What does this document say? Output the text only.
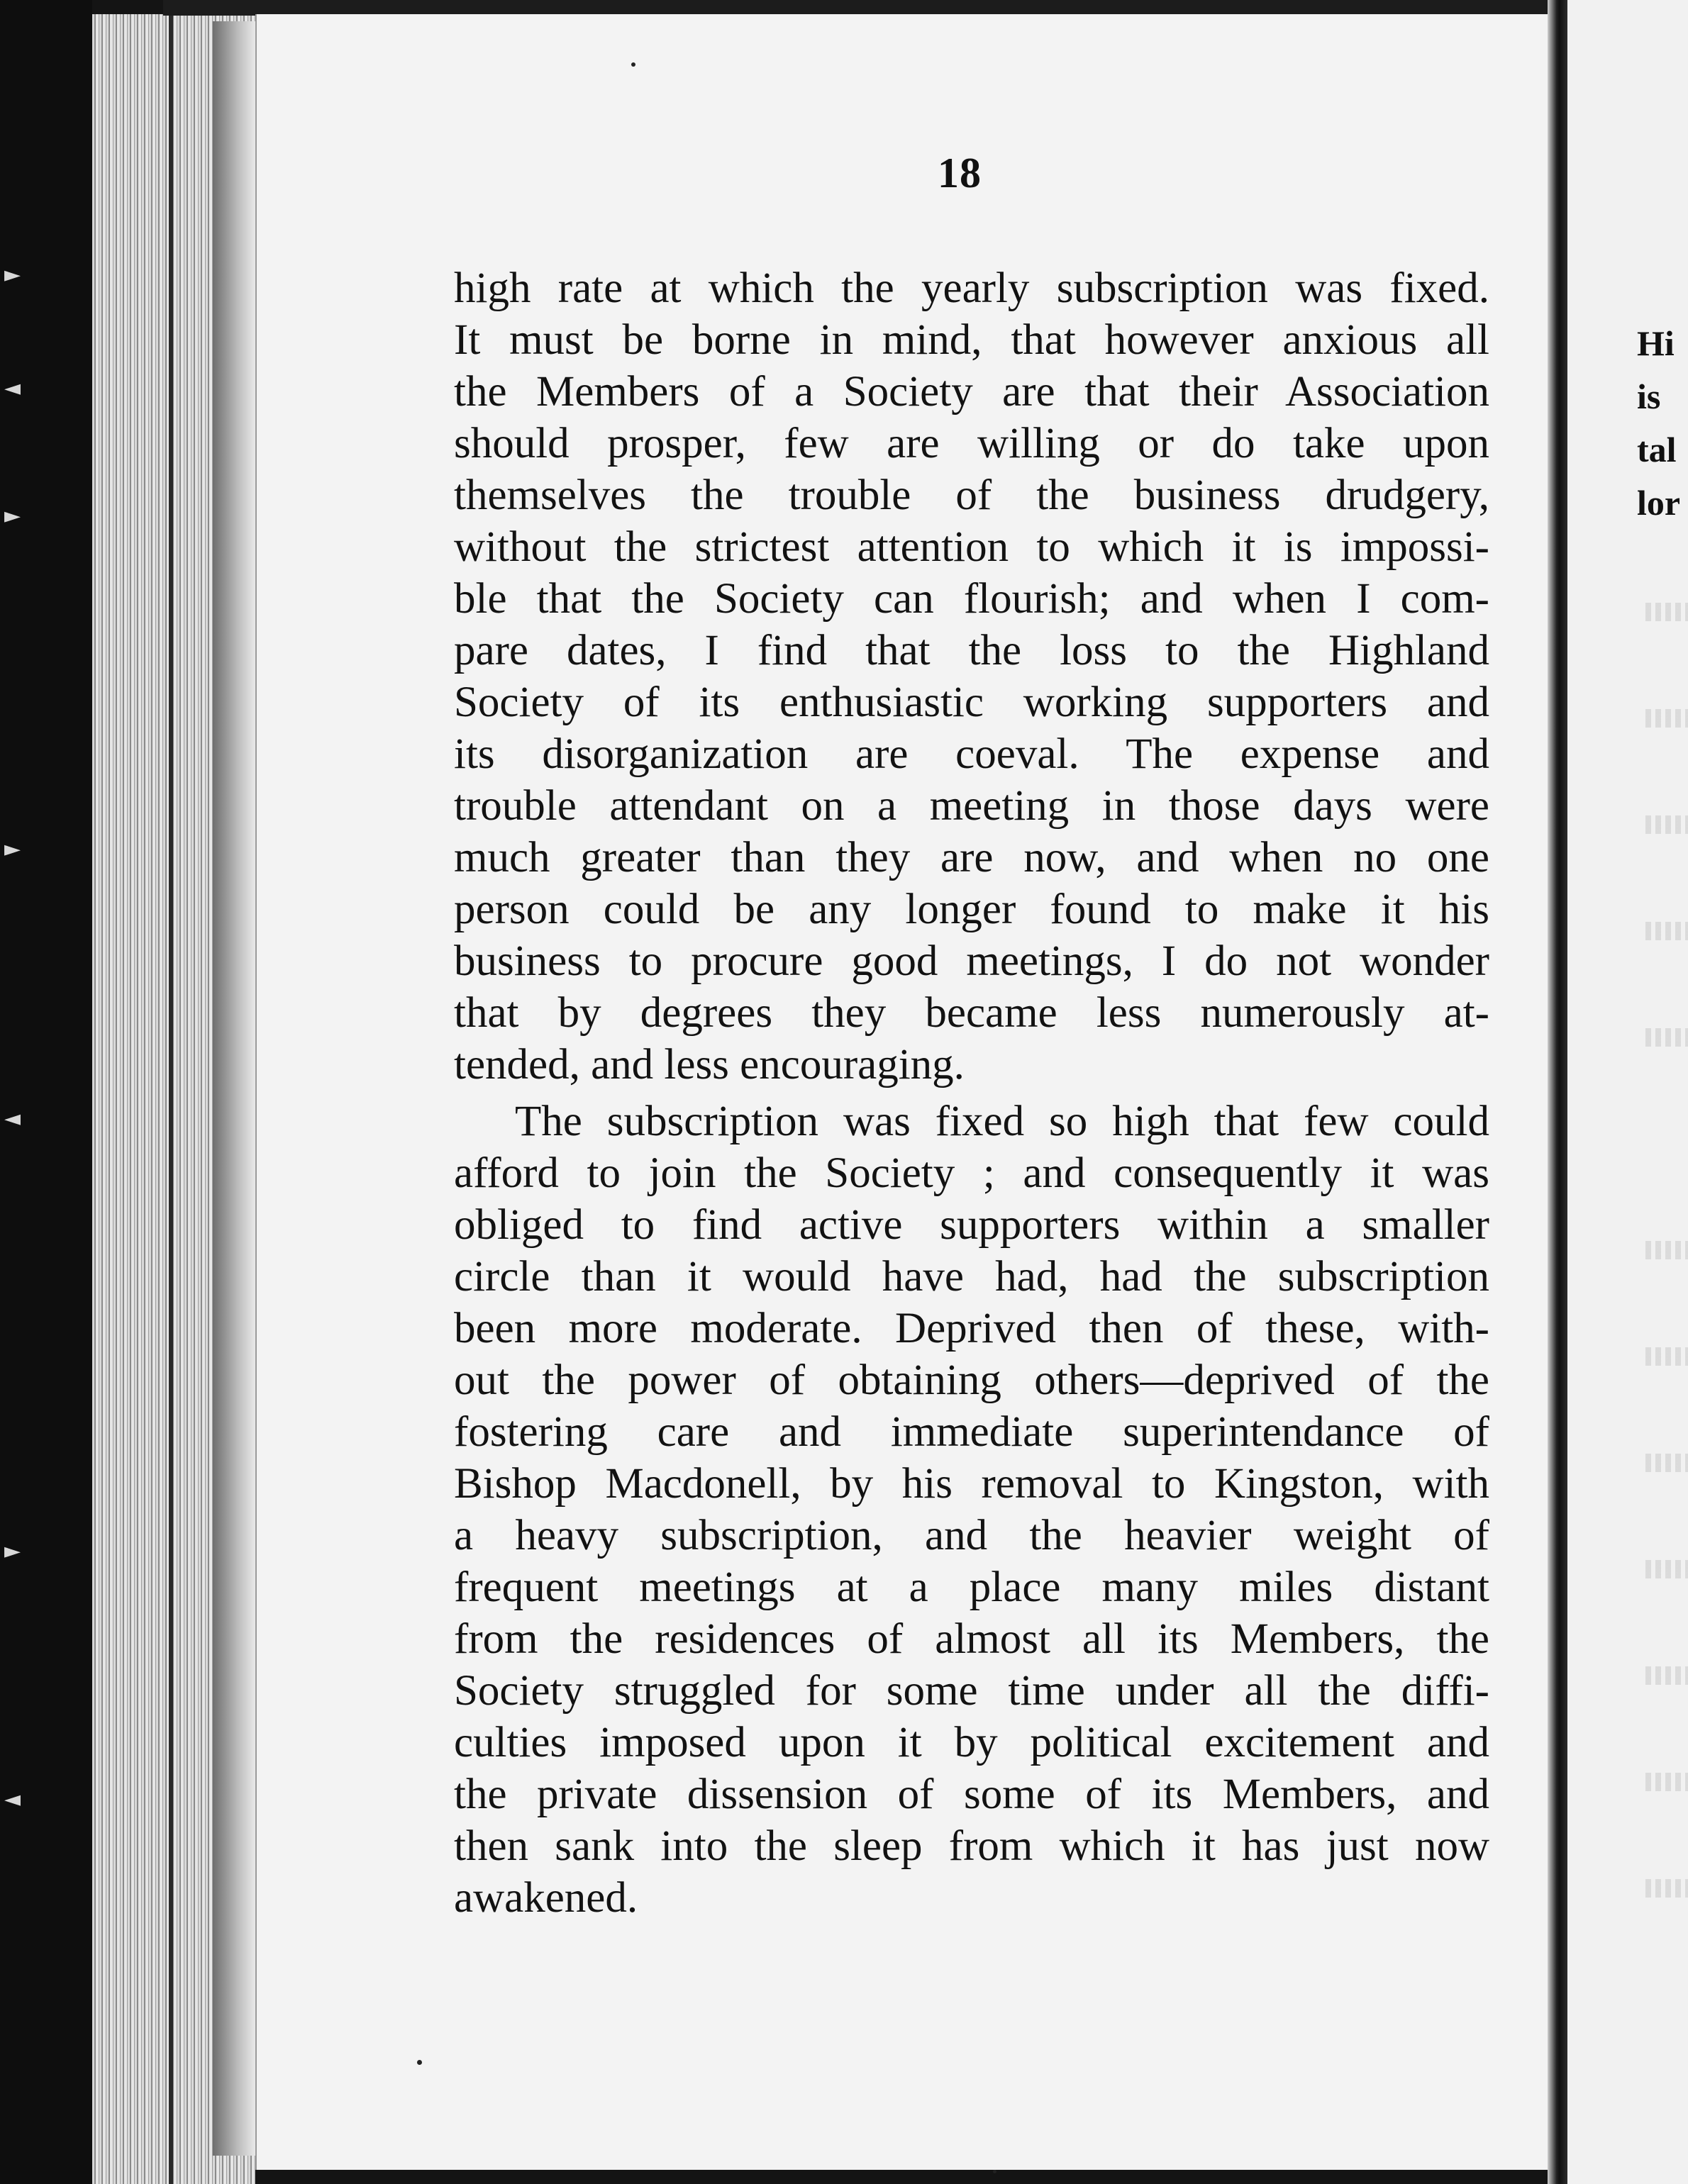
Hi
is
tal
lor
18
high rate at which the yearly subscription was fixed.
It must be borne in mind, that however anxious all
the Members of a Society are that their Association
should prosper, few are willing or do take upon
themselves the trouble of the business drudgery,
without the strictest attention to which it is impossi-
ble that the Society can flourish; and when I com-
pare dates, I find that the loss to the Highland
Society of its enthusiastic working supporters and
its disorganization are coeval. The expense and
trouble attendant on a meeting in those days were
much greater than they are now, and when no one
person could be any longer found to make it his
business to procure good meetings, I do not wonder
that by degrees they became less numerously at-
tended, and less encouraging.
The subscription was fixed so high that few could
afford to join the Society ; and consequently it was
obliged to find active supporters within a smaller
circle than it would have had, had the subscription
been more moderate. Deprived then of these, with-
out the power of obtaining others—deprived of the
fostering care and immediate superintendance of
Bishop Macdonell, by his removal to Kingston, with
a heavy subscription, and the heavier weight of
frequent meetings at a place many miles distant
from the residences of almost all its Members, the
Society struggled for some time under all the diffi-
culties imposed upon it by political excitement and
the private dissension of some of its Members, and
then sank into the sleep from which it has just now
awakened.
►
◄
►
►
◄
►
◄
